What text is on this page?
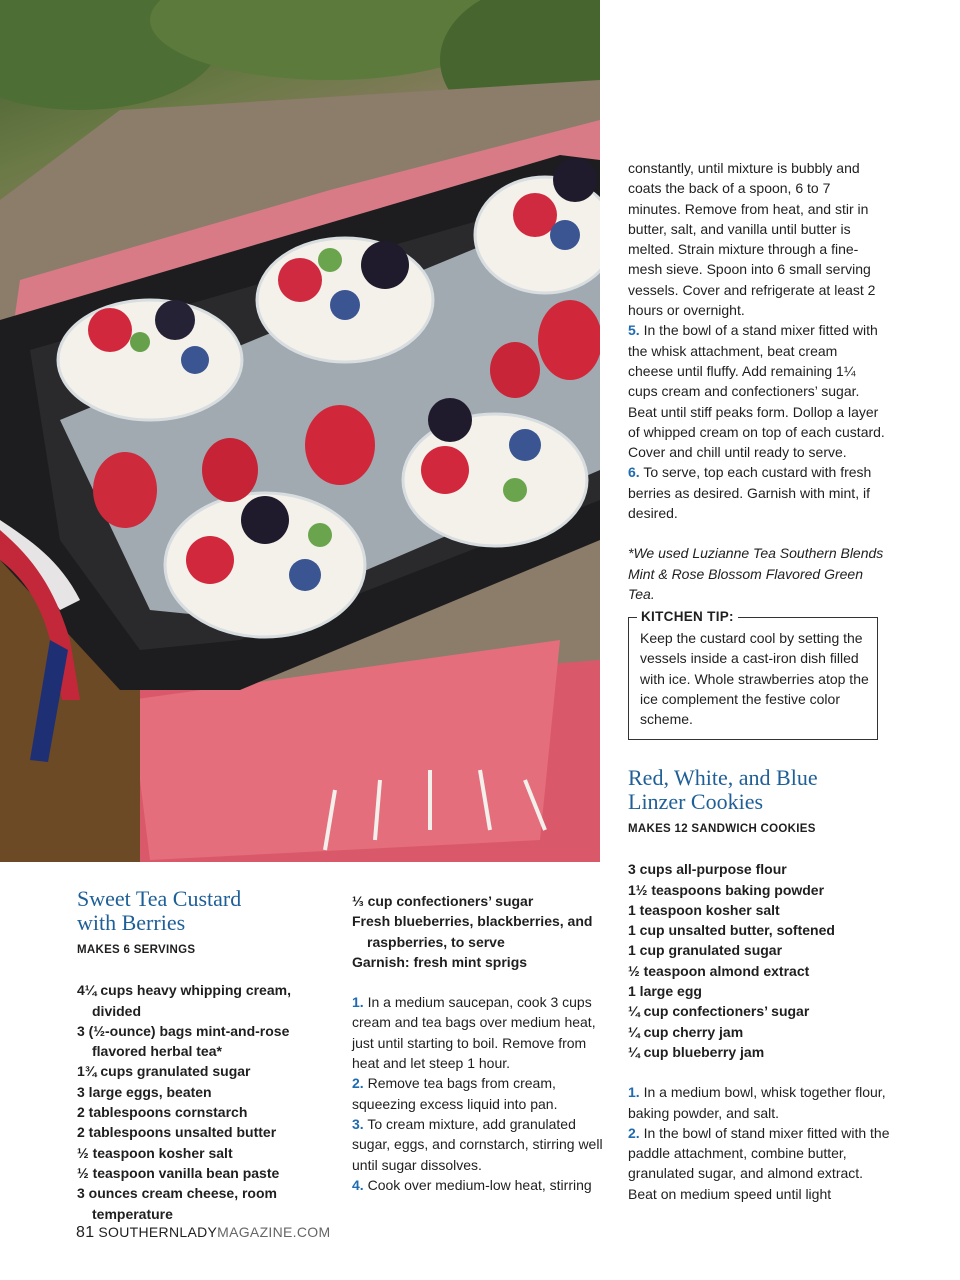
constantly, until mixture is bubbly and coats the back of a spoon, 6 to 7 minutes. Remove from heat, and stir in butter, salt, and vanilla until butter is melted. Strain mixture through a fine-mesh sieve. Spoon into 6 small serving vessels. Cover and refrigerate at least 2 hours or overnight.

5. In the bowl of a stand mixer fitted with the whisk attachment, beat cream cheese until fluffy. Add remaining 1¼ cups cream and confectioners’ sugar. Beat until stiff peaks form. Dollop a layer of whipped cream on top of each custard. Cover and chill until ready to serve.

6. To serve, top each custard with fresh berries as desired. Garnish with mint, if desired.

*We used Luzianne Tea Southern Blends Mint & Rose Blossom Flavored Green Tea.

KITCHEN TIP:
Keep the custard cool by setting the vessels inside a cast-iron dish filled with ice. Whole strawberries atop the ice complement the festive color scheme.
Red, White, and Blue
Linzer Cookies
MAKES 12 SANDWICH COOKIES

3 cups all-purpose flour

1½ teaspoons baking powder

1 teaspoon kosher salt

1 cup unsalted butter, softened

1 cup granulated sugar

½ teaspoon almond extract

1 large egg

¼ cup confectioners’ sugar

¼ cup cherry jam

¼ cup blueberry jam

1. In a medium bowl, whisk together flour, baking powder, and salt.

2. In the bowl of stand mixer fitted with the paddle attachment, combine butter, granulated sugar, and almond extract. Beat on medium speed until light

Sweet Tea Custard
with Berries
MAKES 6 SERVINGS

4¼ cups heavy whipping cream, divided

3 (½-ounce) bags mint-and-rose flavored herbal tea*

1¾ cups granulated sugar

3 large eggs, beaten

2 tablespoons cornstarch

2 tablespoons unsalted butter

½ teaspoon kosher salt

½ teaspoon vanilla bean paste

3 ounces cream cheese, room temperature

⅓ cup confectioners’ sugar

Fresh blueberries, blackberries, and raspberries, to serve

Garnish: fresh mint sprigs

1. In a medium saucepan, cook 3 cups cream and tea bags over medium heat, just until starting to boil. Remove from heat and let steep 1 hour.

2. Remove tea bags from cream, squeezing excess liquid into pan.

3. To cream mixture, add granulated sugar, eggs, and cornstarch, stirring well until sugar dissolves.

4. Cook over medium-low heat, stirring

81 SOUTHERNLADYMAGAZINE.COM
